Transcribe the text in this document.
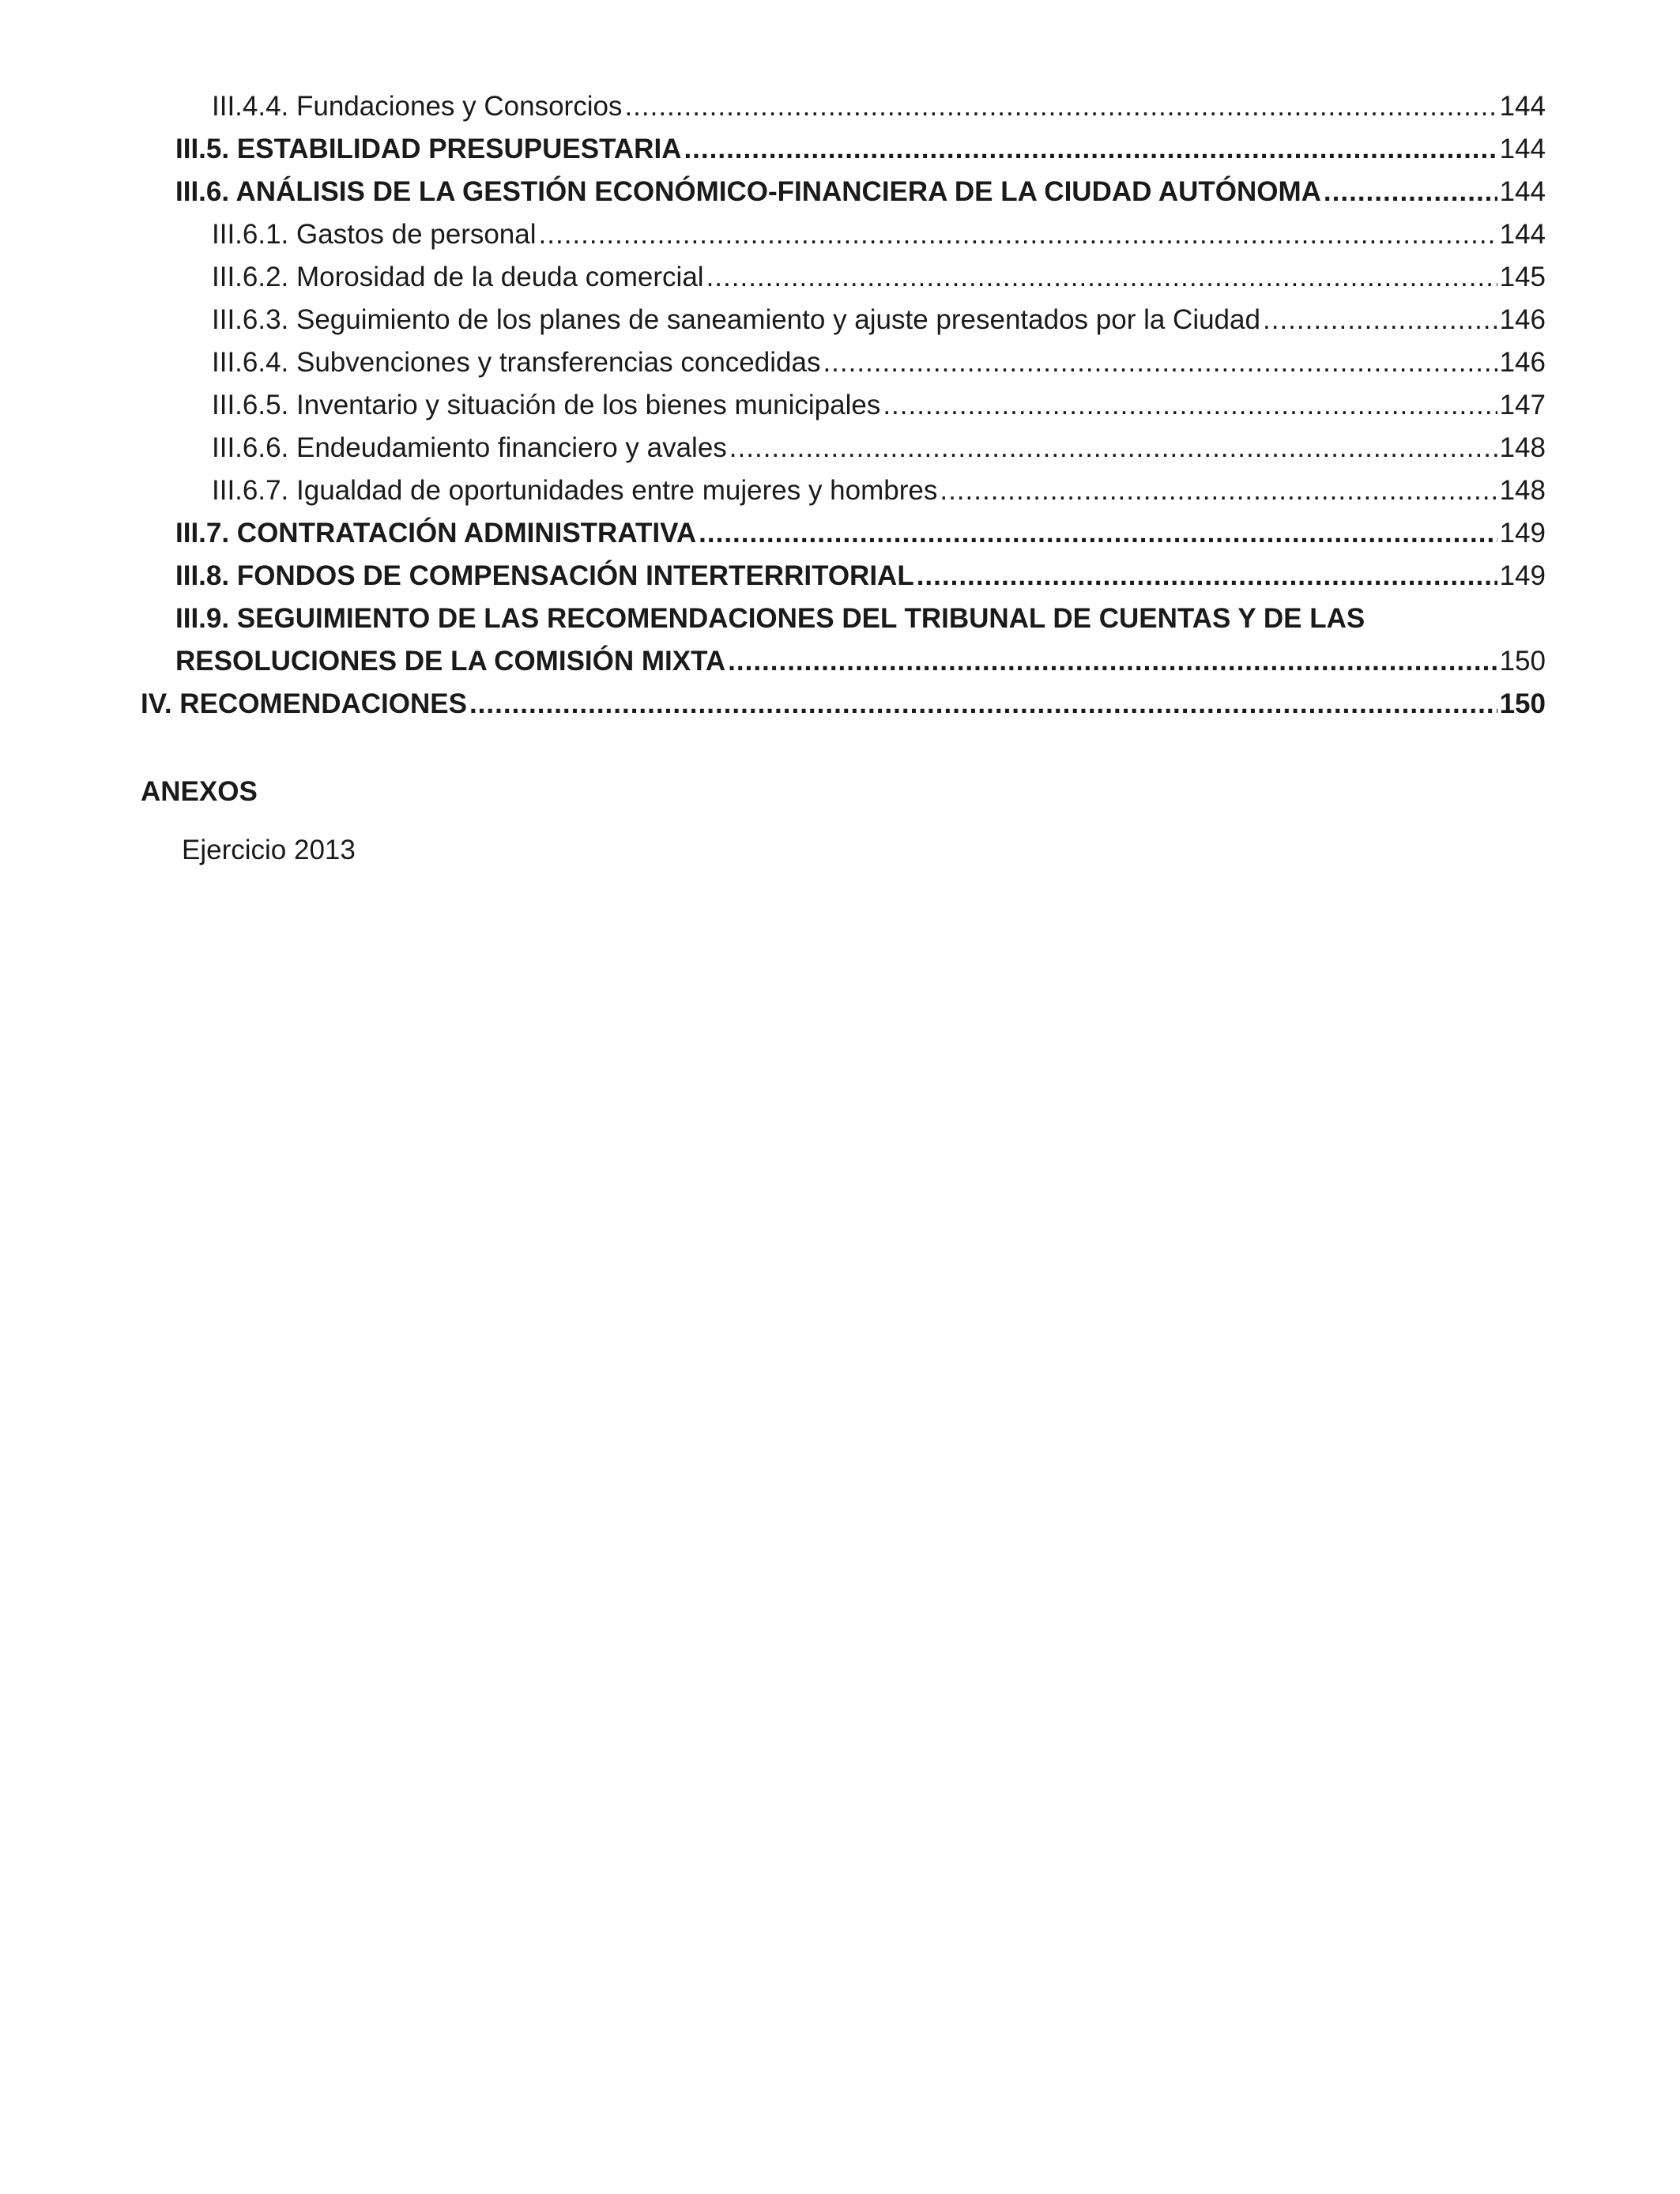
III.4.4. Fundaciones y Consorcios .....	144
III.5. ESTABILIDAD PRESUPUESTARIA .....	144
III.6. ANÁLISIS DE LA GESTIÓN ECONÓMICO-FINANCIERA DE LA CIUDAD AUTÓNOMA .....	144
III.6.1. Gastos de personal .....	144
III.6.2. Morosidad de la deuda comercial .....	145
III.6.3. Seguimiento de los planes de saneamiento y ajuste presentados por la Ciudad .....	146
III.6.4. Subvenciones y transferencias concedidas .....	146
III.6.5. Inventario y situación de los bienes municipales .....	147
III.6.6. Endeudamiento financiero y avales .....	148
III.6.7. Igualdad de oportunidades entre mujeres y hombres .....	148
III.7. CONTRATACIÓN ADMINISTRATIVA .....	149
III.8. FONDOS DE COMPENSACIÓN INTERTERRITORIAL .....	149
III.9. SEGUIMIENTO DE LAS RECOMENDACIONES DEL TRIBUNAL DE CUENTAS Y DE LAS
RESOLUCIONES DE LA COMISIÓN MIXTA .....	150
IV. RECOMENDACIONES .....	150
ANEXOS
Ejercicio 2013
